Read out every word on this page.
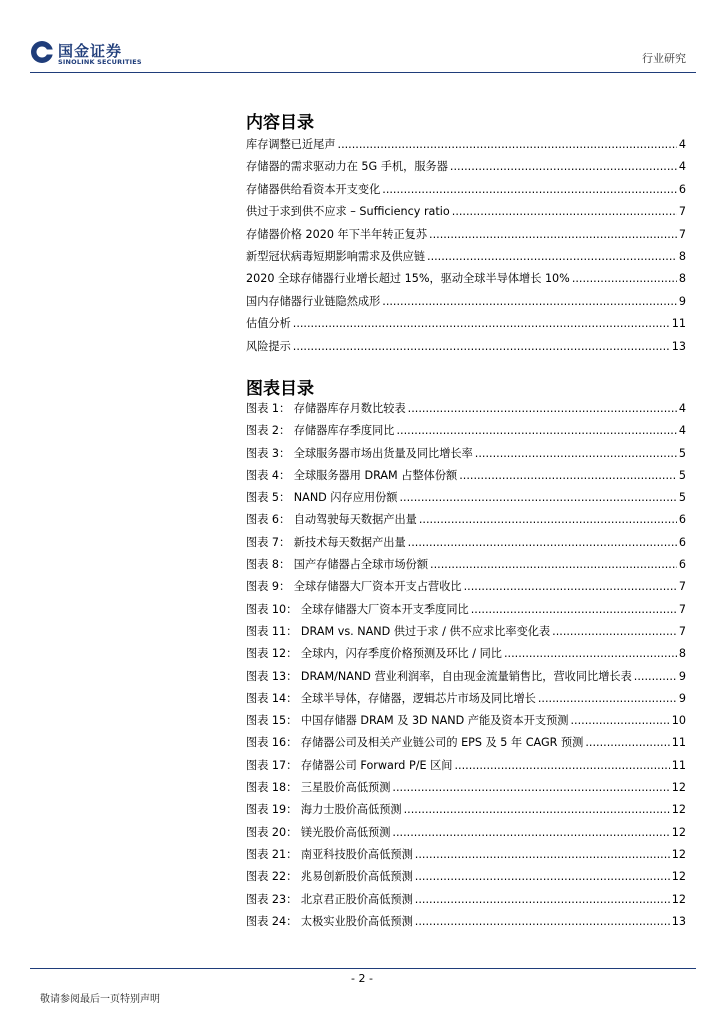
国金证券
SINOLINK SECURITIES	行业研究
内容目录
库存调整已近尾声 .....	4
存储器的需求驱动力在 5G 手机，服务器 .....	4
存储器供给看资本开支变化 .....	6
供过于求到供不应求 – Sufficiency ratio .....	7
存储器价格 2020 年下半年转正复苏 .....	7
新型冠状病毒短期影响需求及供应链 .....	8
2020 全球存储器行业增长超过 15%，驱动全球半导体增长 10% .....	8
国内存储器行业链隐然成形 .....	9
估值分析 .....	11
风险提示 .....	13
图表目录
图表 1： 存储器库存月数比较表 .....	4
图表 2： 存储器库存季度同比 .....	4
图表 3： 全球服务器市场出货量及同比增长率 .....	5
图表 4： 全球服务器用 DRAM 占整体份额 .....	5
图表 5： NAND 闪存应用份额 .....	5
图表 6： 自动驾驶每天数据产出量 .....	6
图表 7： 新技术每天数据产出量 .....	6
图表 8： 国产存储器占全球市场份额 .....	6
图表 9： 全球存储器大厂资本开支占营收比 .....	7
图表 10： 全球存储器大厂资本开支季度同比 .....	7
图表 11： DRAM vs. NAND 供过于求 / 供不应求比率变化表 .....	7
图表 12： 全球内，闪存季度价格预测及环比 / 同比 .....	8
图表 13： DRAM/NAND 营业利润率，自由现金流量销售比，营收同比增长表 .....	9
图表 14： 全球半导体，存储器，逻辑芯片市场及同比增长 .....	9
图表 15： 中国存储器 DRAM 及 3D NAND 产能及资本开支预测 .....	10
图表 16： 存储器公司及相关产业链公司的 EPS 及 5 年 CAGR 预测 .....	11
图表 17： 存储器公司 Forward P/E 区间 .....	11
图表 18： 三星股价高低预测 .....	12
图表 19： 海力士股价高低预测 .....	12
图表 20： 镁光股价高低预测 .....	12
图表 21： 南亚科技股价高低预测 .....	12
图表 22： 兆易创新股价高低预测 .....	12
图表 23： 北京君正股价高低预测 .....	12
图表 24： 太极实业股价高低预测 .....	13
- 2 -
敬请参阅最后一页特别声明
